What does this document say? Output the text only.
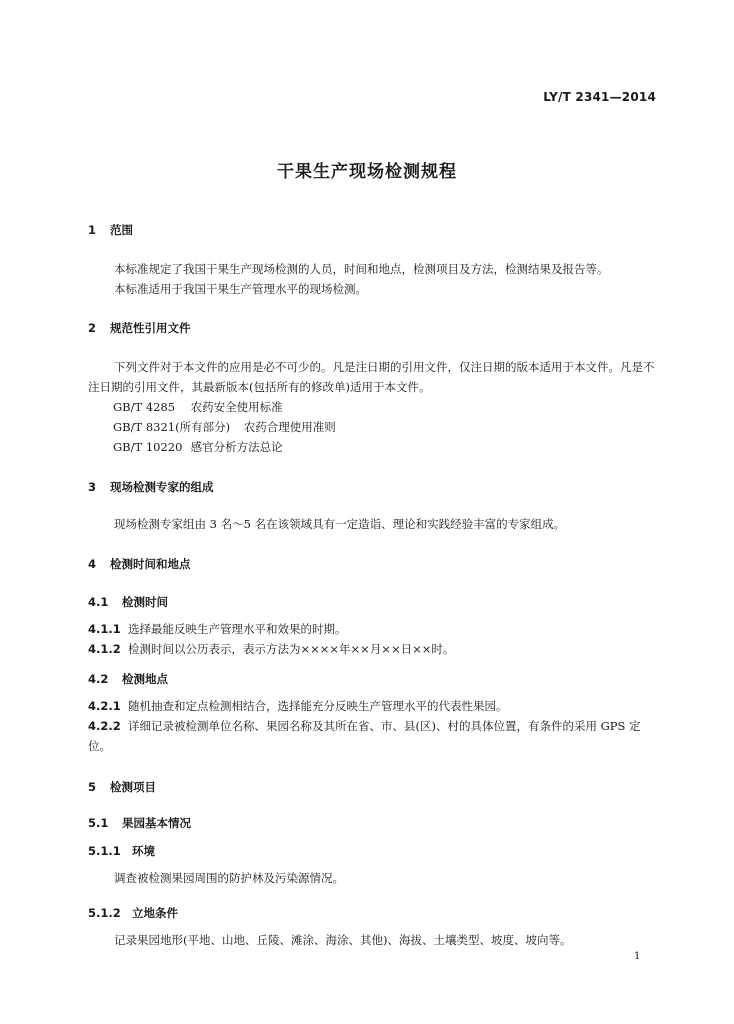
LY/T 2341—2014
干果生产现场检测规程
1 范围
本标准规定了我国干果生产现场检测的人员，时间和地点，检测项目及方法，检测结果及报告等。
本标准适用于我国干果生产管理水平的现场检测。
2 规范性引用文件
下列文件对于本文件的应用是必不可少的。凡是注日期的引用文件，仅注日期的版本适用于本文件。凡是不注日期的引用文件，其最新版本(包括所有的修改单)适用于本文件。
GB/T 4285 农药安全使用标准
GB/T 8321(所有部分) 农药合理使用准则
GB/T 10220 感官分析方法总论
3 现场检测专家的组成
现场检测专家组由 3 名～5 名在该领域具有一定造诣、理论和实践经验丰富的专家组成。
4 检测时间和地点
4.1 检测时间
4.1.1 选择最能反映生产管理水平和效果的时期。
4.1.2 检测时间以公历表示，表示方法为××××年××月××日××时。
4.2 检测地点
4.2.1 随机抽查和定点检测相结合，选择能充分反映生产管理水平的代表性果园。
4.2.2 详细记录被检测单位名称、果园名称及其所在省、市、县(区)、村的具体位置，有条件的采用 GPS 定位。
5 检测项目
5.1 果园基本情况
5.1.1 环境
调查被检测果园周围的防护林及污染源情况。
5.1.2 立地条件
记录果园地形(平地、山地、丘陵、滩涂、海涂、其他)、海拔、土壤类型、坡度、坡向等。
1
